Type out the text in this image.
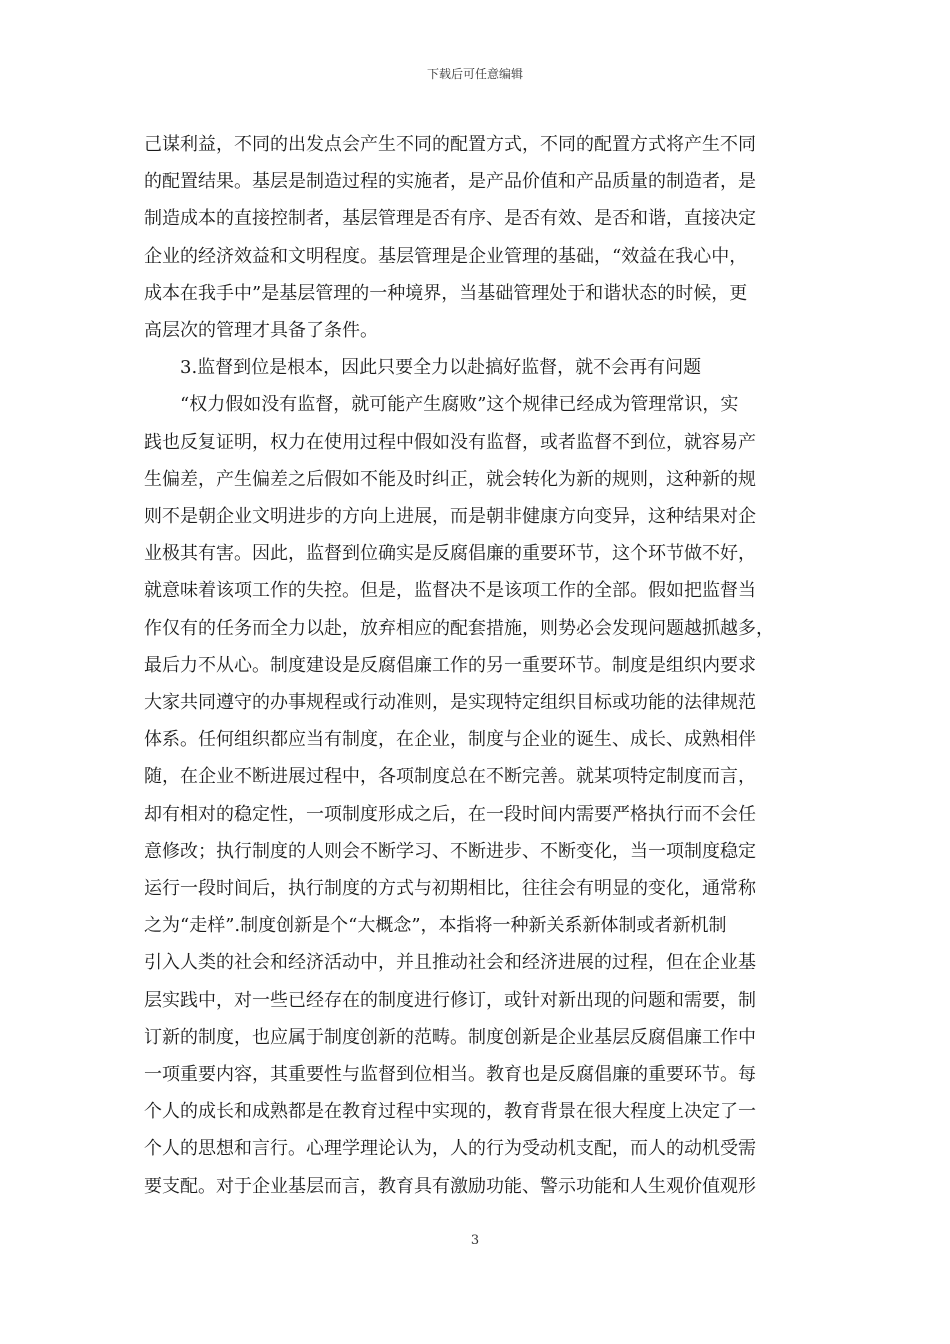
下载后可任意编辑

己谋利益，不同的出发点会产生不同的配置方式，不同的配置方式将产生不同
的配置结果。基层是制造过程的实施者，是产品价值和产品质量的制造者，是
制造成本的直接控制者，基层管理是否有序、是否有效、是否和谐，直接决定
企业的经济效益和文明程度。基层管理是企业管理的基础，“效益在我心中，
成本在我手中”是基层管理的一种境界，当基础管理处于和谐状态的时候，更
高层次的管理才具备了条件。

3.监督到位是根本，因此只要全力以赴搞好监督，就不会再有问题

“权力假如没有监督，就可能产生腐败”这个规律已经成为管理常识，实
践也反复证明，权力在使用过程中假如没有监督，或者监督不到位，就容易产
生偏差，产生偏差之后假如不能及时纠正，就会转化为新的规则，这种新的规
则不是朝企业文明进步的方向上进展，而是朝非健康方向变异，这种结果对企
业极其有害。因此，监督到位确实是反腐倡廉的重要环节，这个环节做不好，
就意味着该项工作的失控。但是，监督决不是该项工作的全部。假如把监督当
作仅有的任务而全力以赴，放弃相应的配套措施，则势必会发现问题越抓越多，
最后力不从心。制度建设是反腐倡廉工作的另一重要环节。制度是组织内要求
大家共同遵守的办事规程或行动准则，是实现特定组织目标或功能的法律规范
体系。任何组织都应当有制度，在企业，制度与企业的诞生、成长、成熟相伴
随，在企业不断进展过程中，各项制度总在不断完善。就某项特定制度而言，
却有相对的稳定性，一项制度形成之后，在一段时间内需要严格执行而不会任
意修改；执行制度的人则会不断学习、不断进步、不断变化，当一项制度稳定
运行一段时间后，执行制度的方式与初期相比，往往会有明显的变化，通常称
之为“走样”.制度创新是个“大概念”，本指将一种新关系新体制或者新机制
引入人类的社会和经济活动中，并且推动社会和经济进展的过程，但在企业基
层实践中，对一些已经存在的制度进行修订，或针对新出现的问题和需要，制
订新的制度，也应属于制度创新的范畴。制度创新是企业基层反腐倡廉工作中
一项重要内容，其重要性与监督到位相当。教育也是反腐倡廉的重要环节。每
个人的成长和成熟都是在教育过程中实现的，教育背景在很大程度上决定了一
个人的思想和言行。心理学理论认为，人的行为受动机支配，而人的动机受需
要支配。对于企业基层而言，教育具有激励功能、警示功能和人生观价值观形

3
